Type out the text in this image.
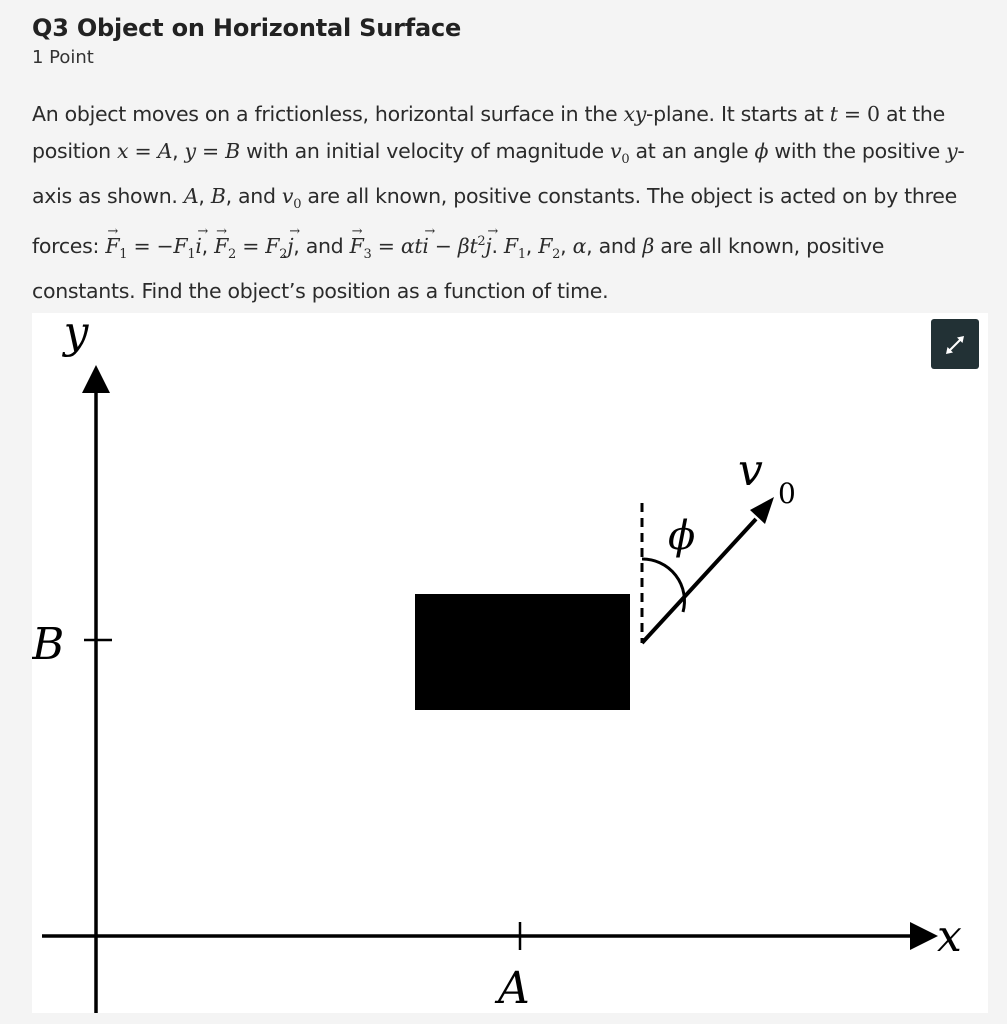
Q3 Object on Horizontal Surface
1 Point
An object moves on a frictionless, horizontal surface in the xy-plane. It starts at t = 0 at the position x = A, y = B with an initial velocity of magnitude $v_0$ at an angle ϕ with the positive y-axis as shown. A, B, and $v_0$ are all known, positive constants. The object is acted on by three forces: → $F_1 = -F_1\to i$, → $F_2 = F_2\to j$, and → $F_3 = \alpha t\to i - \beta t^2\to j$. $F_1$, $F_2$, α, and β are all known, positive constants. Find the object’s position as a function of time.
y
x
B
A
ϕ
v 0
